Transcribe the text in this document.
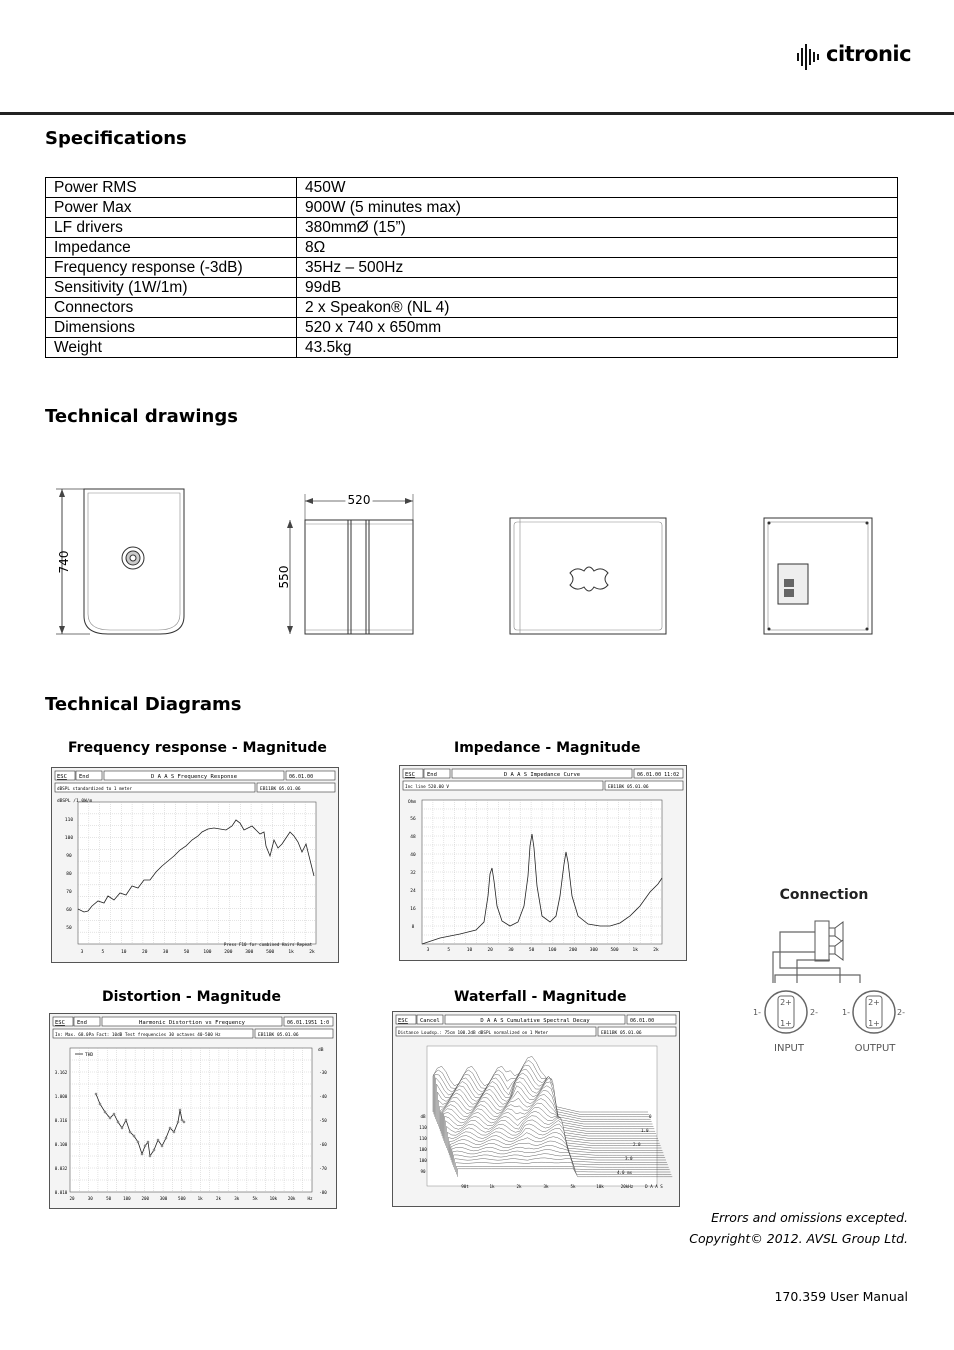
citronic
Specifications
Power RMS	450W
Power Max	900W (5 minutes max)
LF drivers	380mmØ (15”)
Impedance	8Ω
Frequency response (-3dB)	35Hz – 500Hz
Sensitivity (1W/1m)	99dB
Connectors	2 x Speakon® (NL 4)
Dimensions	520 x 740 x 650mm
Weight	43.5kg
Technical drawings
740
520
550
Technical Diagrams
Frequency response - Magnitude	Impedance - Magnitude
Distortion - Magnitude	Waterfall - Magnitude
ESC End	D A A S Frequency Response	06.01.00
dBSPL standardized to 1 meter	EB11BK 05.01.06
dBSPL /1.0W/m
110
100
90
80
70
60
50
3	5	10	20	30	50	100	200	300	500	1k	2k
Press F10 for combined Hairs Repeat
ESC End	D A A S Impedance Curve	06.01.00 11:02
Inc line 520.00 V	EB11BK 05.01.06
Ohm
56
48
40
32
24
16
8
3	5	10	20	30	50	100	200	300	500	1k	2k
ESC End	Harmonic Distortion vs Frequency	06.01.1951 1:0
In: Max. 68.0Pa Fact: 10dB Test frequencies 30 octaves 40-500 Hz	EB11BK 05.01.06
THD
dB
3.162
1.000
0.316
0.100
0.032
0.010
-30
-40
-50
-60
-70
-80
20	30	50	100	200	300	500	1k	2k	3k	5k	10k	20k	Hz
ESC Cancel	D A A S Cumulative Spectral Decay	06.01.00
Distance Loudsp.: 75cm 100.2dB dBSPL normalized on 1 Meter	EB11BK 05.01.06
dB
110
110
100
100
90
0
1.0
2.0
3.0
4.0 ms
90t	1k	2k	3k	5k	10k	20kHz	D A A S
Connection
2+
1+
1-	2-
2+
1+
1-	2-
INPUT	OUTPUT
Errors and omissions excepted.
Copyright© 2012. AVSL Group Ltd.
170.359 User Manual
